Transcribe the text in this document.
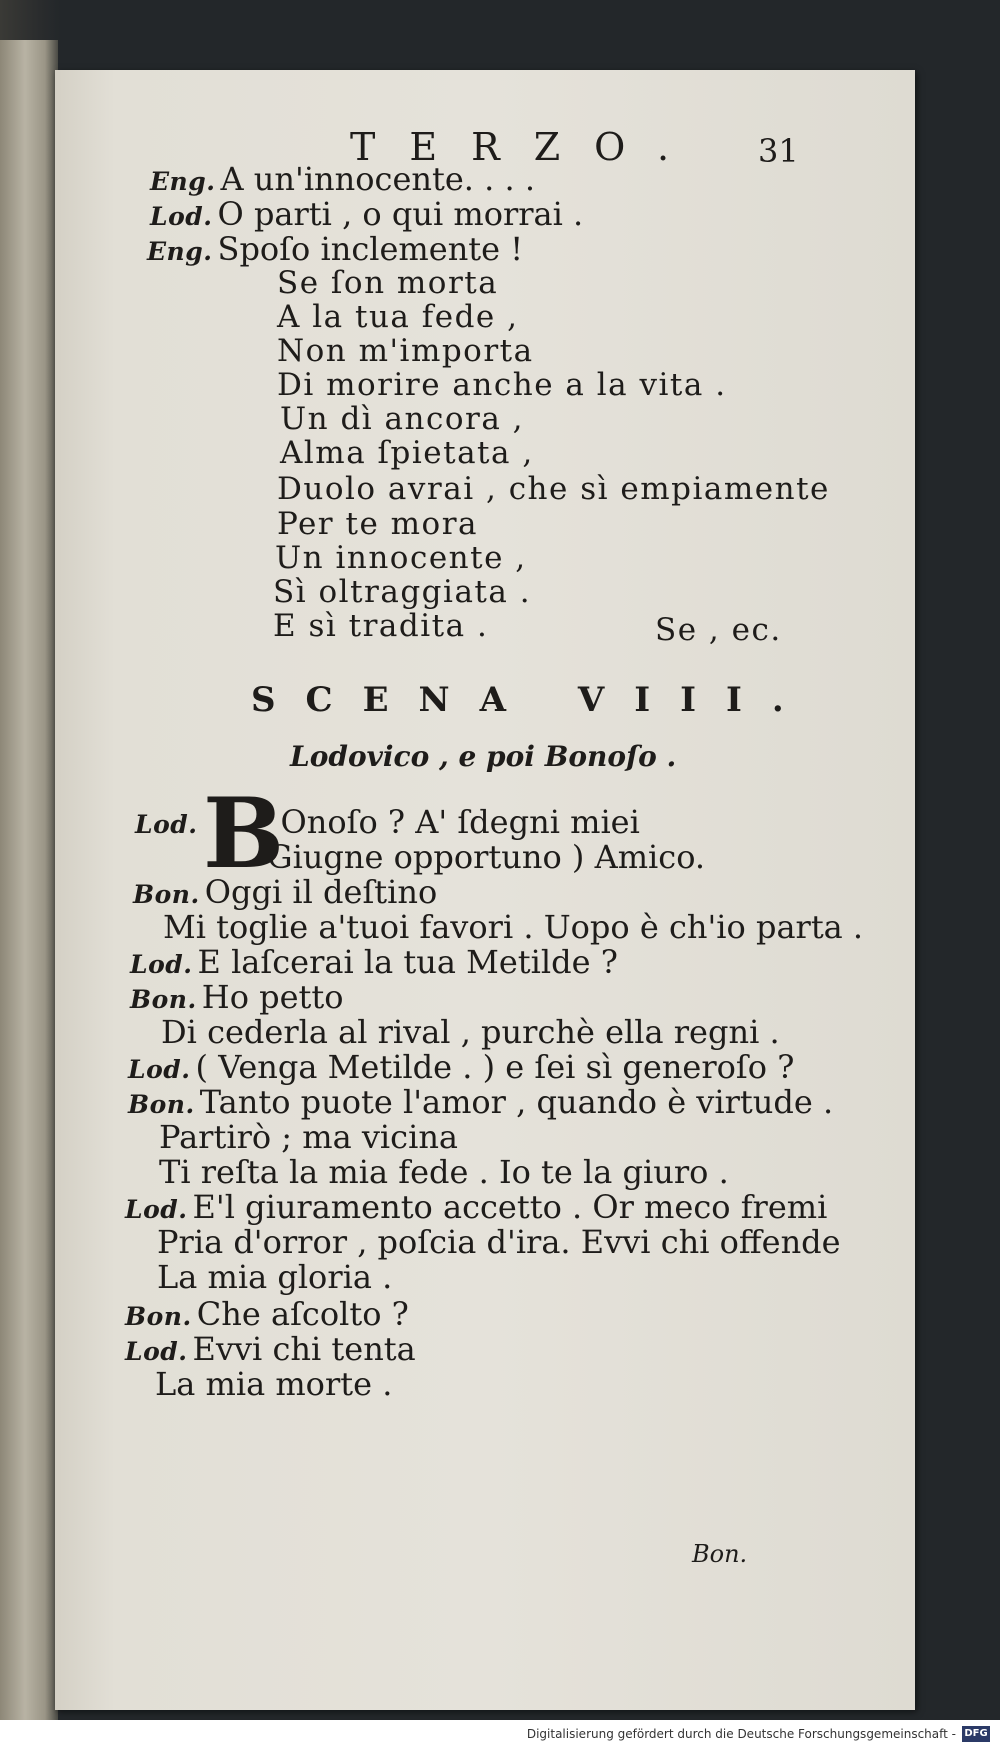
TERZO. 31
Eng. A un'innocente. . . .
Lod. O parti , o qui morrai .
Eng. Spoſo inclemente !
Se ſon morta
A la tua fede ,
Non m'importa
Di morire anche a la vita .
Un dì ancora ,
Alma ſpietata ,
Duolo avrai , che sì empiamente
Per te mora
Un innocente ,
Sì oltraggiata .
E sì tradita .	Se , ec.
SCENA VIII.
Lodovico , e poi Bonoſo .
B
Lod.	Onoſo ? A' ſdegni miei
Giugne opportuno ) Amico.
Bon. Oggi il deſtino
Mi toglie a'tuoi favori . Uopo è ch'io parta .
Lod. E laſcerai la tua Metilde ?
Bon. Ho petto
Di cederla al rival , purchè ella regni .
Lod. ( Venga Metilde . ) e ſei sì generoſo ?
Bon. Tanto puote l'amor , quando è virtude .
Partirò ; ma vicina
Ti reſta la mia fede . Io te la giuro .
Lod. E'l giuramento accetto . Or meco fremi
Pria d'orror , poſcia d'ira. Evvi chi offende
La mia gloria .
Bon. Che aſcolto ?
Lod. Evvi chi tenta
La mia morte .
Bon.
Digitalisierung gefördert durch die Deutsche Forschungsgemeinschaft - DFG
